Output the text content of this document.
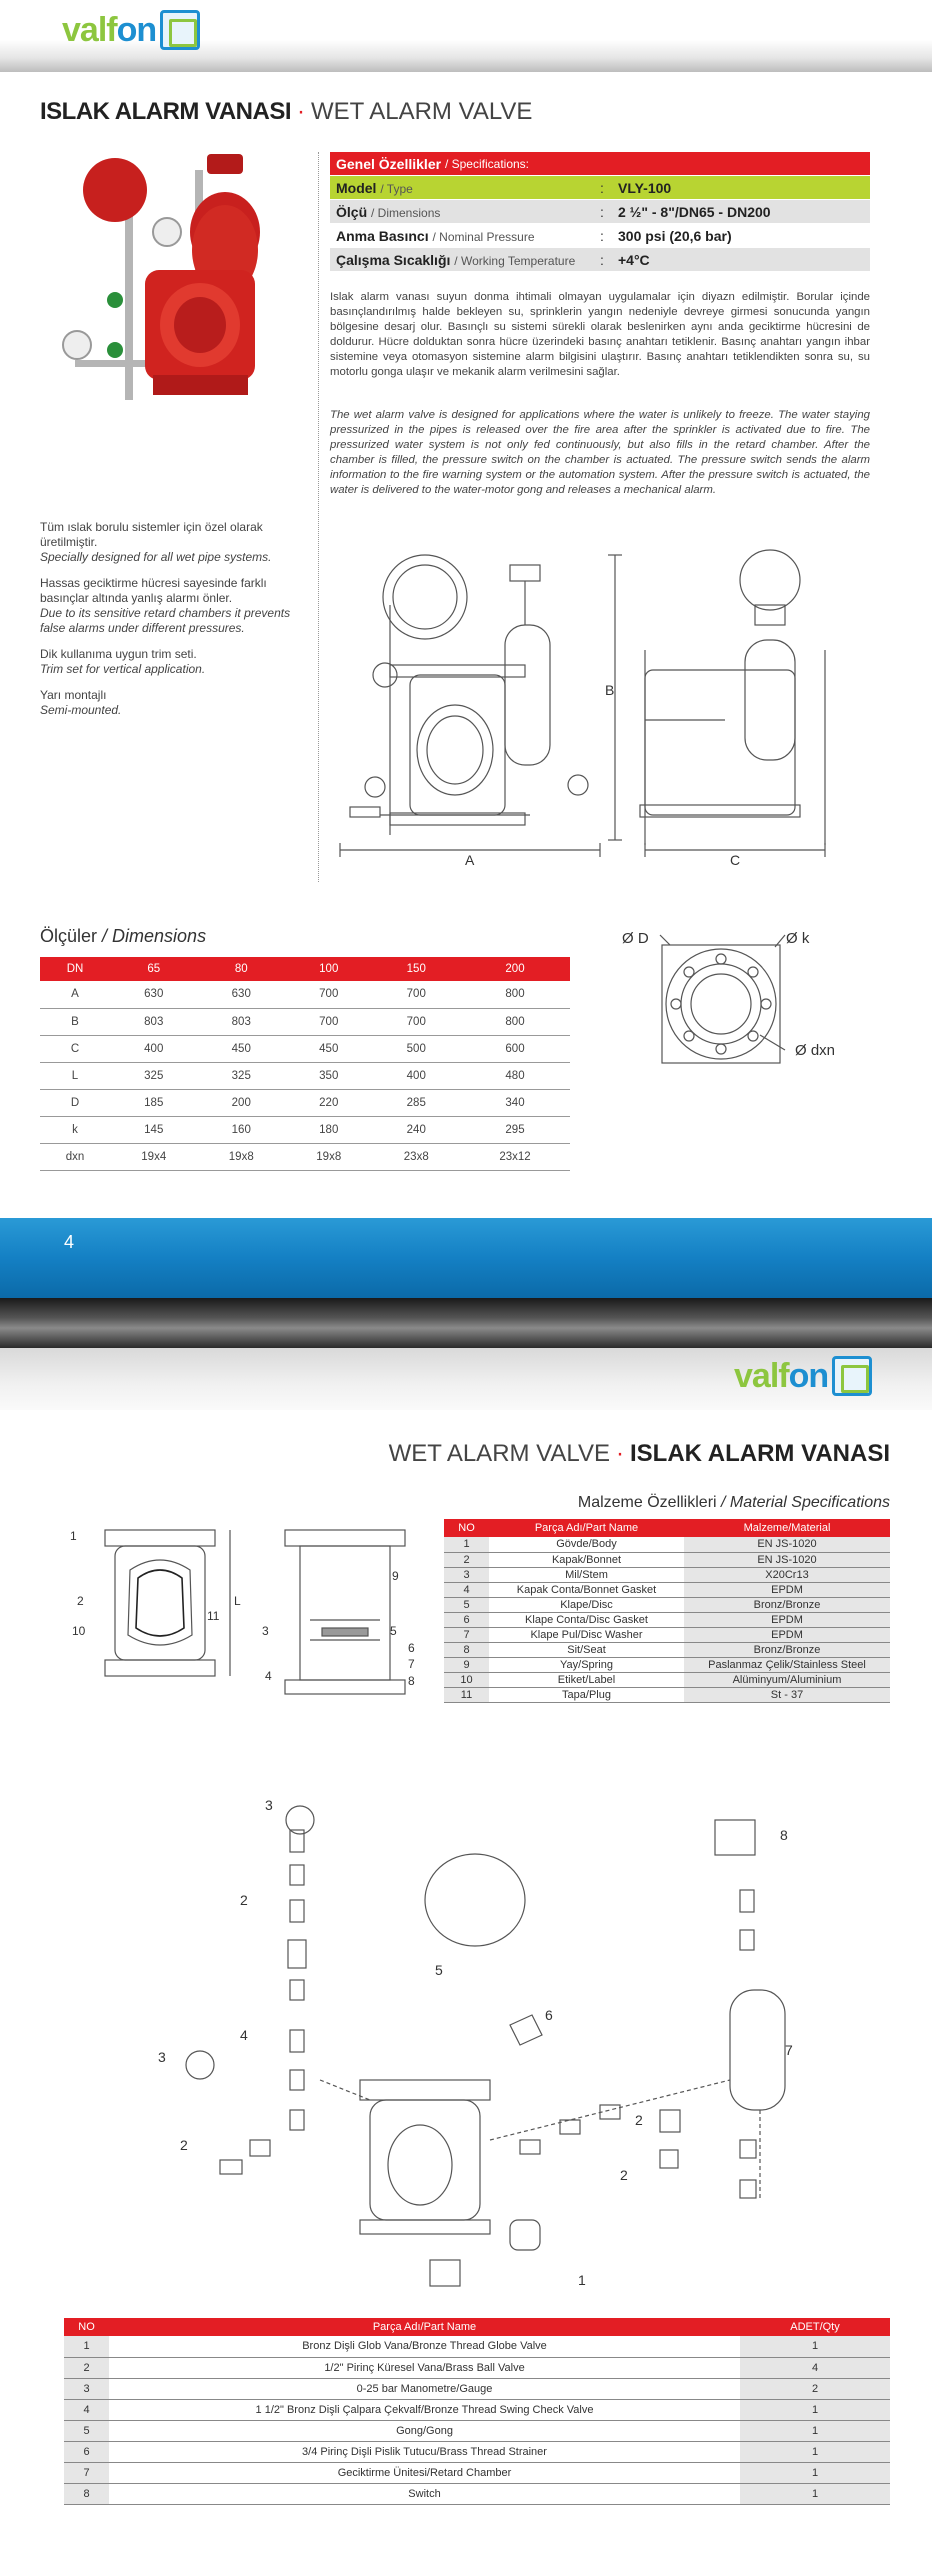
valfon
ISLAK ALARM VANASI · WET ALARM VALVE
Genel Özellikler
/ Specifications:
Model / Type	:	VLY-100
Ölçü / Dimensions	:	2 ½" - 8"/DN65 - DN200
Anma Basıncı / Nominal Pressure	:	300 psi (20,6 bar)
Çalışma Sıcaklığı / Working Temperature	:	+4°C

Islak alarm vanası suyun donma ihtimali olmayan uygulamalar için diyazn edilmiştir. Borular içinde basınçlandırılmış halde bekleyen su, sprinklerin yangın nedeniyle devreye girmesi sonucunda yangın bölgesine desarj olur. Basınçlı su sistemi sürekli olarak beslenirken aynı anda geciktirme hücresini de doldurur. Hücre dolduktan sonra hücre üzerindeki basınç anahtarı tetiklenir. Basınç anahtarı yangın ihbar sistemine veya otomasyon sistemine alarm bilgisini ulaştırır. Basınç anahtarı tetiklendikten sonra su, su motorlu gonga ulaşır ve mekanik alarm verilmesini sağlar.

The wet alarm valve is designed for applications where the water is unlikely to freeze. The water staying pressurized in the pipes is released over the fire area after the sprinkler is activated due to fire. The pressurized water system is not only fed continuously, but also fills in the retard chamber. After the chamber is filled, the pressure switch on the chamber is actuated. The pressure switch sends the alarm information to the fire warning system or the automation system. After the pressure switch is actuated, the water is delivered to the water-motor gong and releases a mechanical alarm.

Tüm ıslak borulu sistemler için özel olarak üretilmiştir.
Specially designed for all wet pipe systems.

Hassas geciktirme hücresi sayesinde farklı basınçlar altında yanlış alarmı önler.
Due to its sensitive retard chambers it prevents false alarms under different pressures.

Dik kullanıma uygun trim seti.
Trim set for vertical application.

Yarı montajlı
Semi-mounted.

B
A	C
Ölçüler / Dimensions
DN	65	80	100	150	200
A	630	630	700	700	800
B	803	803	700	700	800
C	400	450	450	500	600
L	325	325	350	400	480
D	185	200	220	285	340
k	145	160	180	240	295
dxn	19x4	19x8	19x8	23x8	23x12
Ø D	Ø k
Ø dxn
4
valfon
WET ALARM VALVE · ISLAK ALARM VANASI
Malzeme Özellikleri / Material Specifications
NO	Parça Adı/Part Name	Malzeme/Material
1	Gövde/Body	EN JS-1020
2	Kapak/Bonnet	EN JS-1020
3	Mil/Stem	X20Cr13
4	Kapak Conta/Bonnet Gasket	EPDM
5	Klape/Disc	Bronz/Bronze
6	Klape Conta/Disc Gasket	EPDM
7	Klape Pul/Disc Washer	EPDM
8	Sit/Seat	Bronz/Bronze
9	Yay/Spring	Paslanmaz Çelik/Stainless Steel
10	Etiket/Label	Alüminyum/Aluminium
11	Tapa/Plug	St - 37
1
2
10
11
L
3
4
5
6
7
8
9
3
2
3
2
4
5
6
8
7
2
2
1
NO	Parça Adı/Part Name	ADET/Qty
1	Bronz Dişli Glob Vana/Bronze Thread Globe Valve	1
2	1/2" Pirinç Küresel Vana/Brass Ball Valve	4
3	0-25 bar Manometre/Gauge	2
4	1 1/2" Bronz Dişli Çalpara Çekvalf/Bronze Thread Swing Check Valve	1
5	Gong/Gong	1
6	3/4 Pirinç Dişli Pislik Tutucu/Brass Thread Strainer	1
7	Geciktirme Ünitesi/Retard Chamber	1
8	Switch	1
